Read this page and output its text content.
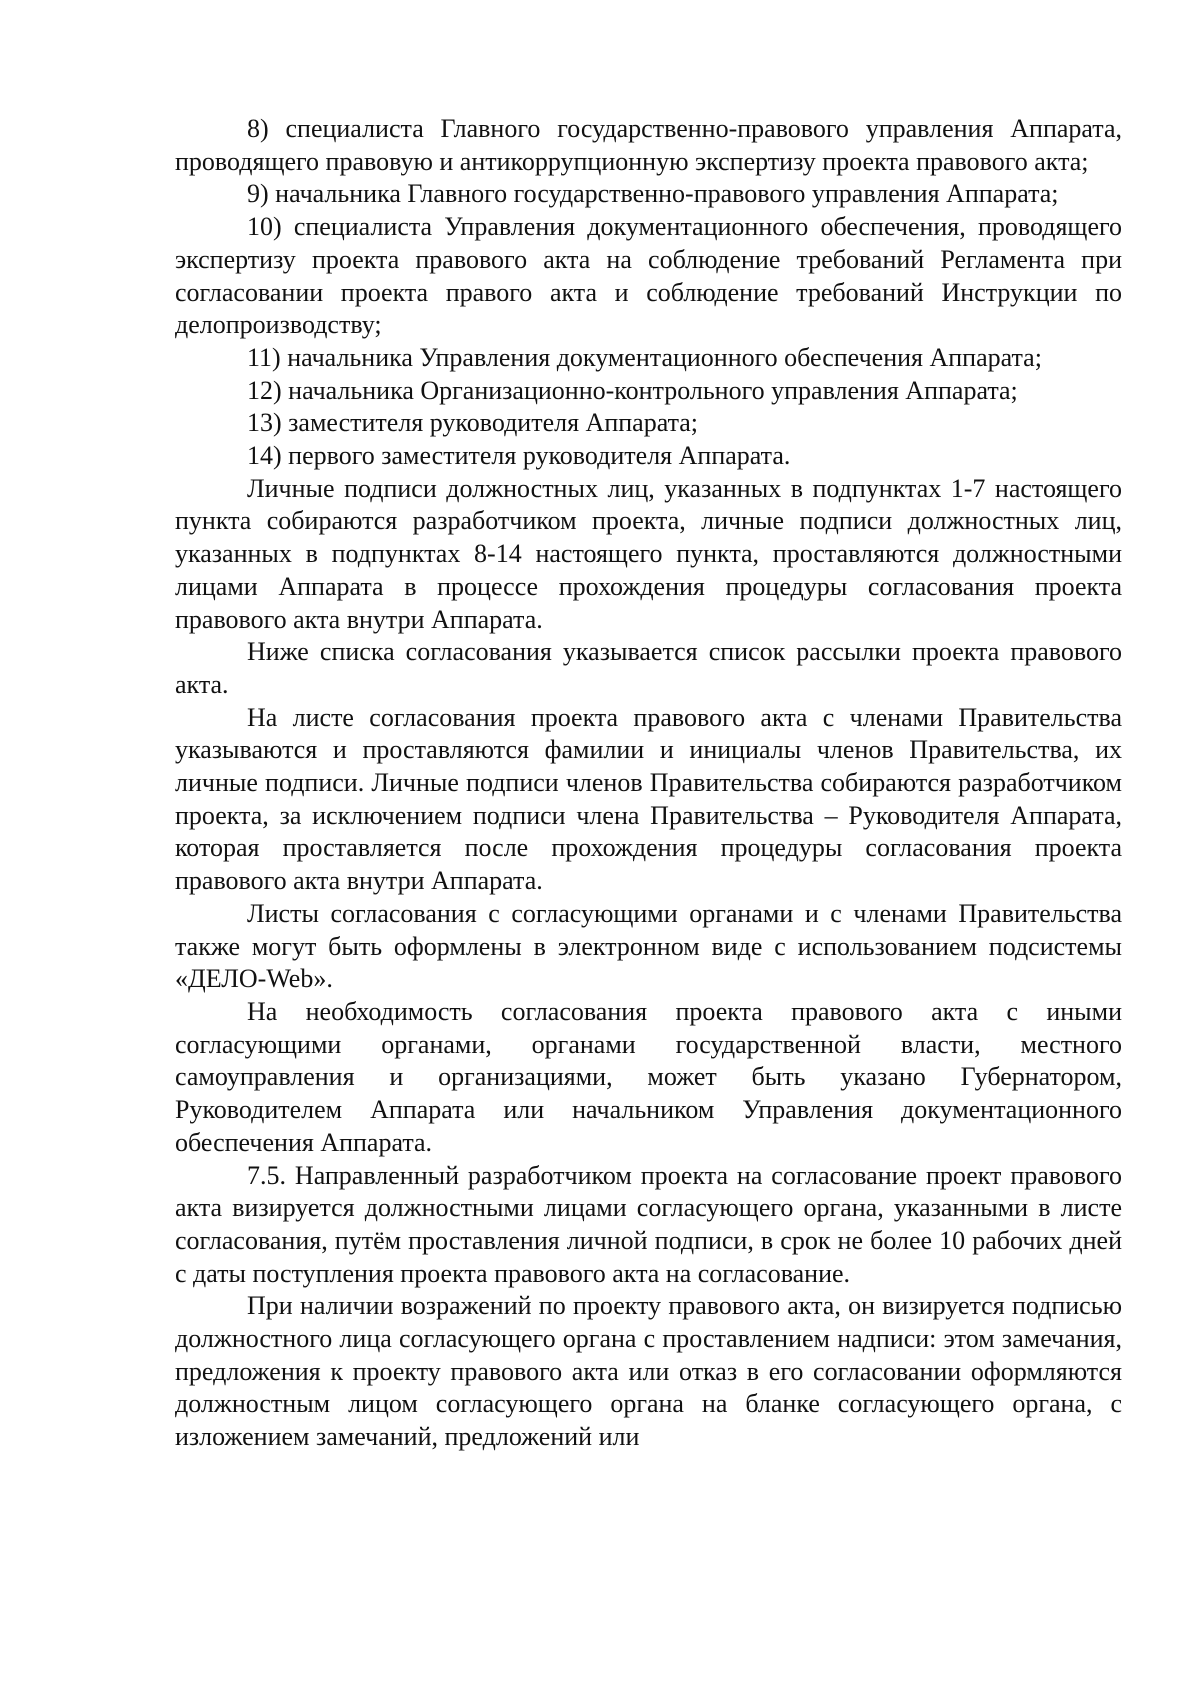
8) специалиста Главного государственно-правового управления Аппарата, проводящего правовую и антикоррупционную экспертизу проекта правового акта;

9) начальника Главного государственно-правового управления Аппарата;

10) специалиста Управления документационного обеспечения, проводящего экспертизу проекта правового акта на соблюдение требований Регламента при согласовании проекта правого акта и соблюдение требований Инструкции по делопроизводству;

11) начальника Управления документационного обеспечения Аппарата;

12) начальника Организационно-контрольного управления Аппарата;

13) заместителя руководителя Аппарата;

14) первого заместителя руководителя Аппарата.

Личные подписи должностных лиц, указанных в подпунктах 1-7 настоящего пункта собираются разработчиком проекта, личные подписи должностных лиц, указанных в подпунктах 8-14 настоящего пункта, проставляются должностными лицами Аппарата в процессе прохождения процедуры согласования проекта правового акта внутри Аппарата.

Ниже списка согласования указывается список рассылки проекта правового акта.

На листе согласования проекта правового акта с членами Правительства указываются и проставляются фамилии и инициалы членов Правительства, их личные подписи. Личные подписи членов Правительства собираются разработчиком проекта, за исключением подписи члена Правительства – Руководителя Аппарата, которая проставляется после прохождения процедуры согласования проекта правового акта внутри Аппарата.

Листы согласования с согласующими органами и с членами Правительства также могут быть оформлены в электронном виде с использованием подсистемы «ДЕЛО-Web».

На необходимость согласования проекта правового акта с иными согласующими органами, органами государственной власти, местного самоуправления и организациями, может быть указано Губернатором, Руководителем Аппарата или начальником Управления документационного обеспечения Аппарата.

7.5. Направленный разработчиком проекта на согласование проект правового акта визируется должностными лицами согласующего органа, указанными в листе согласования, путём проставления личной подписи, в срок не более 10 рабочих дней с даты поступления проекта правового акта на согласование.

При наличии возражений по проекту правового акта, он визируется подписью должностного лица согласующего органа с проставлением надписи: этом замечания, предложения к проекту правового акта или отказ в его согласовании оформляются должностным лицом согласующего органа на бланке согласующего органа, с изложением замечаний, предложений или
